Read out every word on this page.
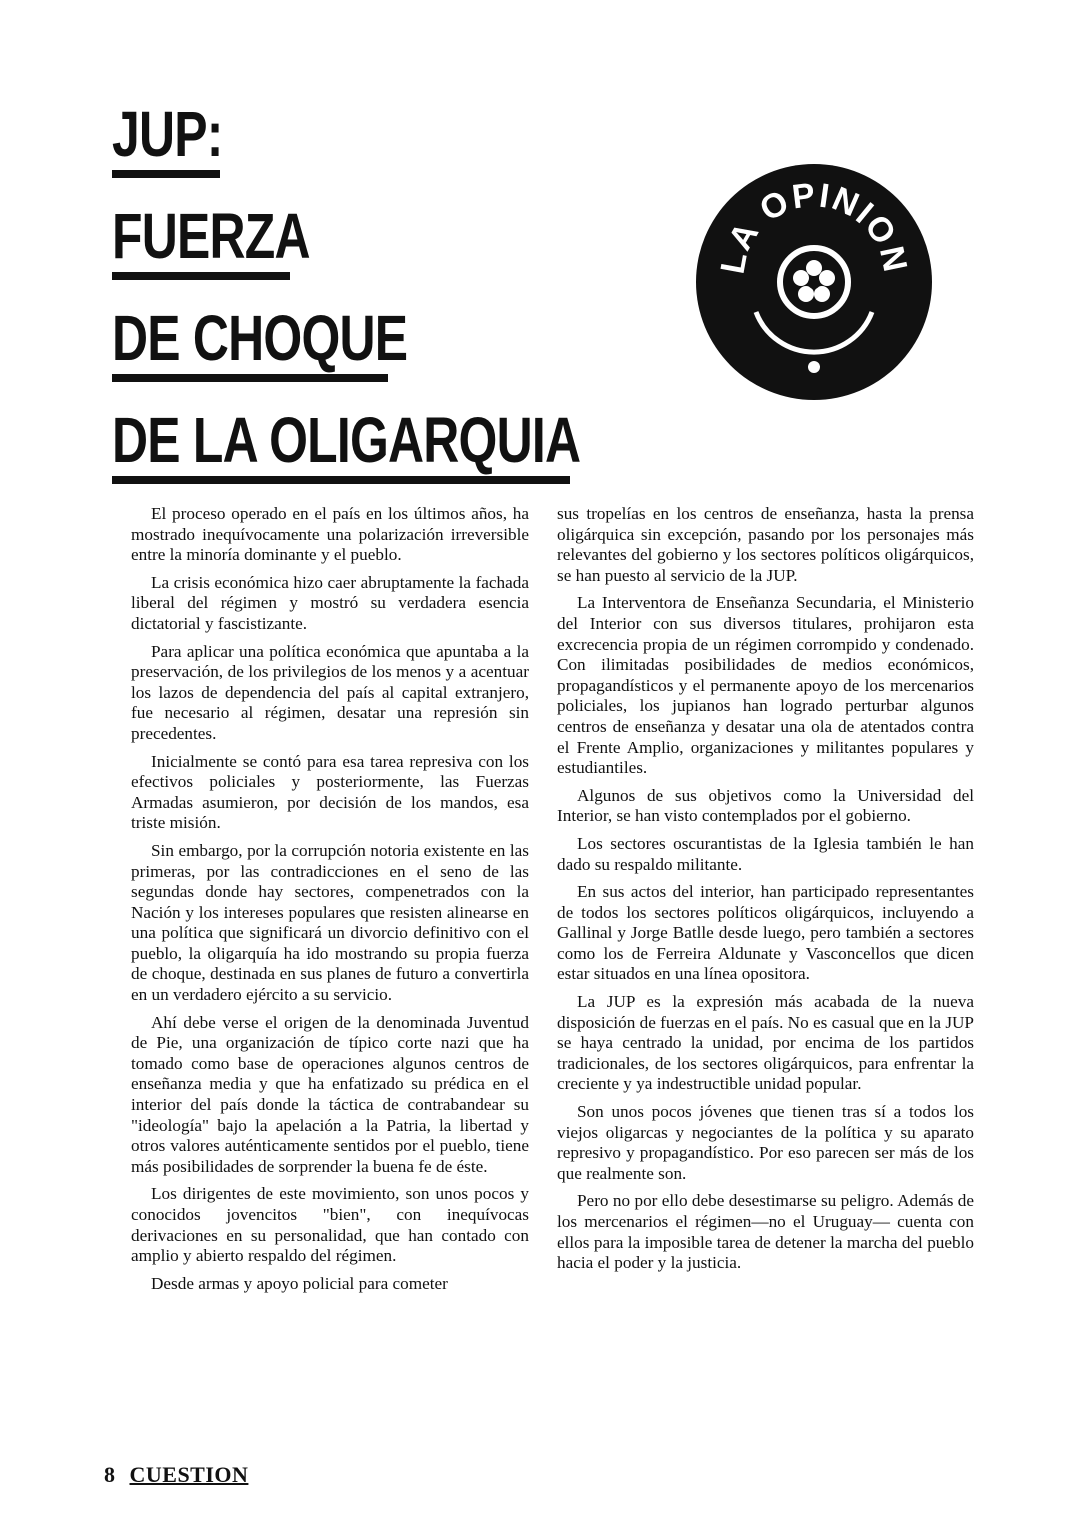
JUP:
FUERZA
DE CHOQUE
DE LA OLIGARQUIA
LA OPINION

El proceso operado en el país en los últimos años, ha mostrado inequívocamente una polarización irreversible entre la minoría dominante y el pueblo.

La crisis económica hizo caer abruptamente la fachada liberal del régimen y mostró su verdadera esencia dictatorial y fascistizante.

Para aplicar una política económica que apuntaba a la preservación, de los privilegios de los menos y a acentuar los lazos de dependencia del país al capital extranjero, fue necesario al régimen, desatar una represión sin precedentes.

Inicialmente se contó para esa tarea represiva con los efectivos policiales y posteriormente, las Fuerzas Armadas asumieron, por decisión de los mandos, esa triste misión.

Sin embargo, por la corrupción notoria existente en las primeras, por las contradicciones en el seno de las segundas donde hay sectores, compenetrados con la Nación y los intereses populares que resisten alinearse en una política que significará un divorcio definitivo con el pueblo, la oligarquía ha ido mostrando su propia fuerza de choque, destinada en sus planes de futuro a convertirla en un verdadero ejército a su servicio.

Ahí debe verse el origen de la denominada Juventud de Pie, una organización de típico corte nazi que ha tomado como base de operaciones algunos centros de enseñanza media y que ha enfatizado su prédica en el interior del país donde la táctica de contrabandear su "ideología" bajo la apelación a la Patria, la libertad y otros valores auténticamente sentidos por el pueblo, tiene más posibilidades de sorprender la buena fe de éste.

Los dirigentes de este movimiento, son unos pocos y conocidos jovencitos "bien", con inequívocas derivaciones en su personalidad, que han contado con amplio y abierto respaldo del régimen.

Desde armas y apoyo policial para cometer

sus tropelías en los centros de enseñanza, hasta la prensa oligárquica sin excepción, pasando por los personajes más relevantes del gobierno y los sectores políticos oligárquicos, se han puesto al servicio de la JUP.

La Interventora de Enseñanza Secundaria, el Ministerio del Interior con sus diversos titulares, prohijaron esta excrecencia propia de un régimen corrompido y condenado. Con ilimitadas posibilidades de medios económicos, propagandísticos y el permanente apoyo de los mercenarios policiales, los jupianos han logrado perturbar algunos centros de enseñanza y desatar una ola de atentados contra el Frente Amplio, organizaciones y militantes populares y estudiantiles.

Algunos de sus objetivos como la Universidad del Interior, se han visto contemplados por el gobierno.

Los sectores oscurantistas de la Iglesia también le han dado su respaldo militante.

En sus actos del interior, han participado representantes de todos los sectores políticos oligárquicos, incluyendo a Gallinal y Jorge Batlle desde luego, pero también a sectores como los de Ferreira Aldunate y Vasconcellos que dicen estar situados en una línea opositora.

La JUP es la expresión más acabada de la nueva disposición de fuerzas en el país. No es casual que en la JUP se haya centrado la unidad, por encima de los partidos tradicionales, de los sectores oligárquicos, para enfrentar la creciente y ya indestructible unidad popular.

Son unos pocos jóvenes que tienen tras sí a todos los viejos oligarcas y negociantes de la política y su aparato represivo y propagandístico. Por eso parecen ser más de los que realmente son.

Pero no por ello debe desestimarse su peligro. Además de los mercenarios el régimen—no el Uruguay— cuenta con ellos para la imposible tarea de detener la marcha del pueblo hacia el poder y la justicia.

8 CUESTION
